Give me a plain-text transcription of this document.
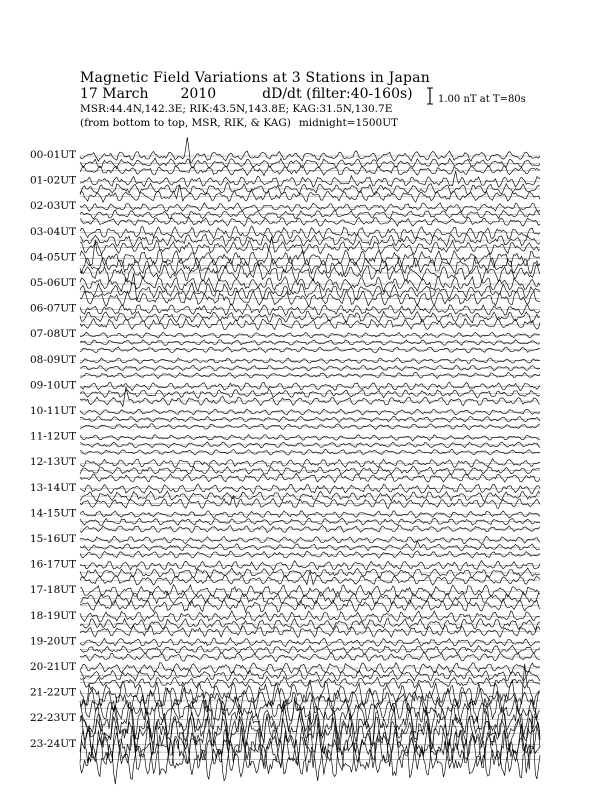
Magnetic Field Variations at 3 Stations in Japan
17 March 2010	dD/dt (filter:40-160s)
MSR:44.4N,142.3E; RIK:43.5N,143.8E; KAG:31.5N,130.7E
(from bottom to top, MSR, RIK, & KAG) midnight=1500UT
1.00 nT at T=80s
00-01UT
01-02UT
02-03UT
03-04UT
04-05UT
05-06UT
06-07UT
07-08UT
08-09UT
09-10UT
10-11UT
11-12UT
12-13UT
13-14UT
14-15UT
15-16UT
16-17UT
17-18UT
18-19UT
19-20UT
20-21UT
21-22UT
22-23UT
23-24UT
